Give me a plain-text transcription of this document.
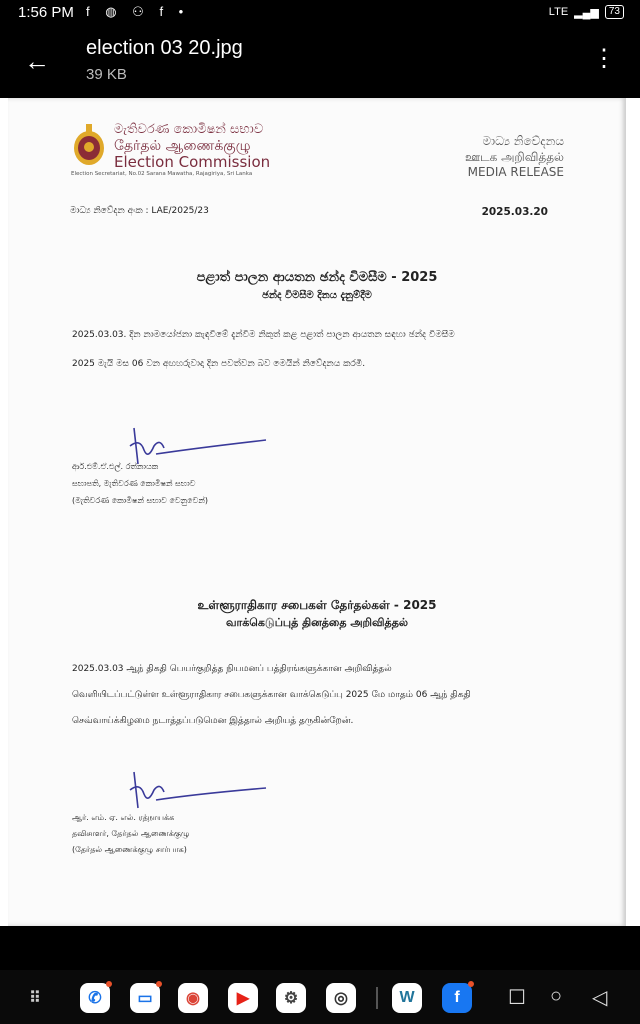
1:56 PM f ◍ ⚇ f •	LTE ▂▄▆	73
← election 03 20.jpg
39 KB
⋮
මැතිවරණ කොමිෂන් සභාව
தேர்தல் ஆணைக்குழு
Election Commission
Election Secretariat, No.02 Sarana Mawatha, Rajagiriya, Sri Lanka
මාධ්‍ය නිවේදනය
ஊடக அறிவித்தல்
MEDIA RELEASE
මාධ්‍ය නිවේදන අංක : LAE/2025/23	2025.03.20
පළාත් පාලන ආයතන ඡන්ද විමසීම - 2025
ඡන්ද විමසීම දිනය දැනුම්දීම
2025.03.03. දින නාමයෝජනා කැඳවීමේ දැන්වීම නිකුත් කළ පළාත් පාලන ආයතන සඳහා ඡන්ද විමසීම
2025 මැයි මස 06 වන අඟහරුවාදා දින පවත්වන බව මෙයින් නිවේදනය කරමි.
ආර්.එම්.ඒ.එල්. රත්නායක
සභාපති, මැතිවරණ කොමිෂන් සභාව
(මැතිවරණ කොමිෂන් සභාව වෙනුවෙන්)
உள்ளூராதிகார சபைகள் தேர்தல்கள் - 2025
வாக்கெடுப்புத் தினத்தை அறிவித்தல்
2025.03.03 ஆந் திகதி பெயர்குறித்த நியமனப் பத்திரங்களுக்கான அறிவித்தல்
வெளியிடப்பட்டுள்ள உள்ளூராதிகார சபைகளுக்கான வாக்கெடுப்பு 2025 மே மாதம் 06 ஆந் திகதி
செவ்வாய்க்கிழமை நடாத்தப்படுமென இத்தால் அறியத் தருகின்றேன்.
ஆர். எம். ஏ. எல். ரத்நாயக்க
தவிசாளர், தேர்தல் ஆணைக்குழு
(தேர்தல் ஆணைக்குழு சார்பாக)
⠿	✆	▭	◉	▶	⚙	◎	W	f	☐ ○ ◁
